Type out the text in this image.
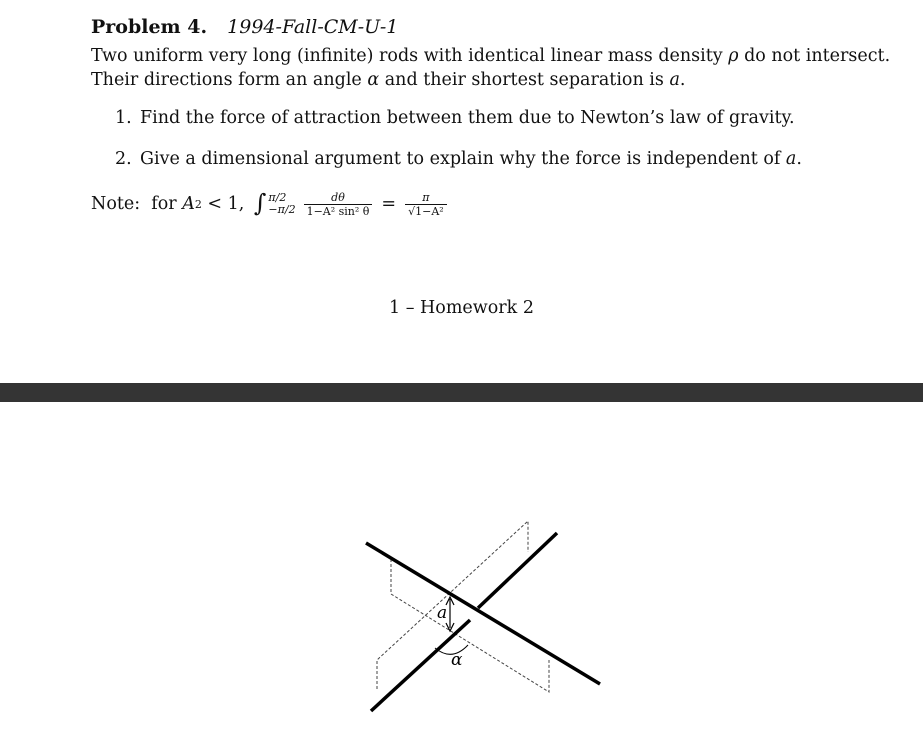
Problem 4. 1994-Fall-CM-U-1
Two uniform very long (infinite) rods with identical linear mass density ρ do not intersect.
Their directions form an angle α and their shortest separation is a.
1. Find the force of attraction between them due to Newton’s law of gravity.
2. Give a dimensional argument to explain why the force is independent of a.
Note:  for A 2 < 1, ∫ π/2
$-\pi/2 \frac{d\theta}{\text{1−A² sin² θ}} = \frac{\pi}{\text{√1−A²}}$
1 – Homework 2
a
α
